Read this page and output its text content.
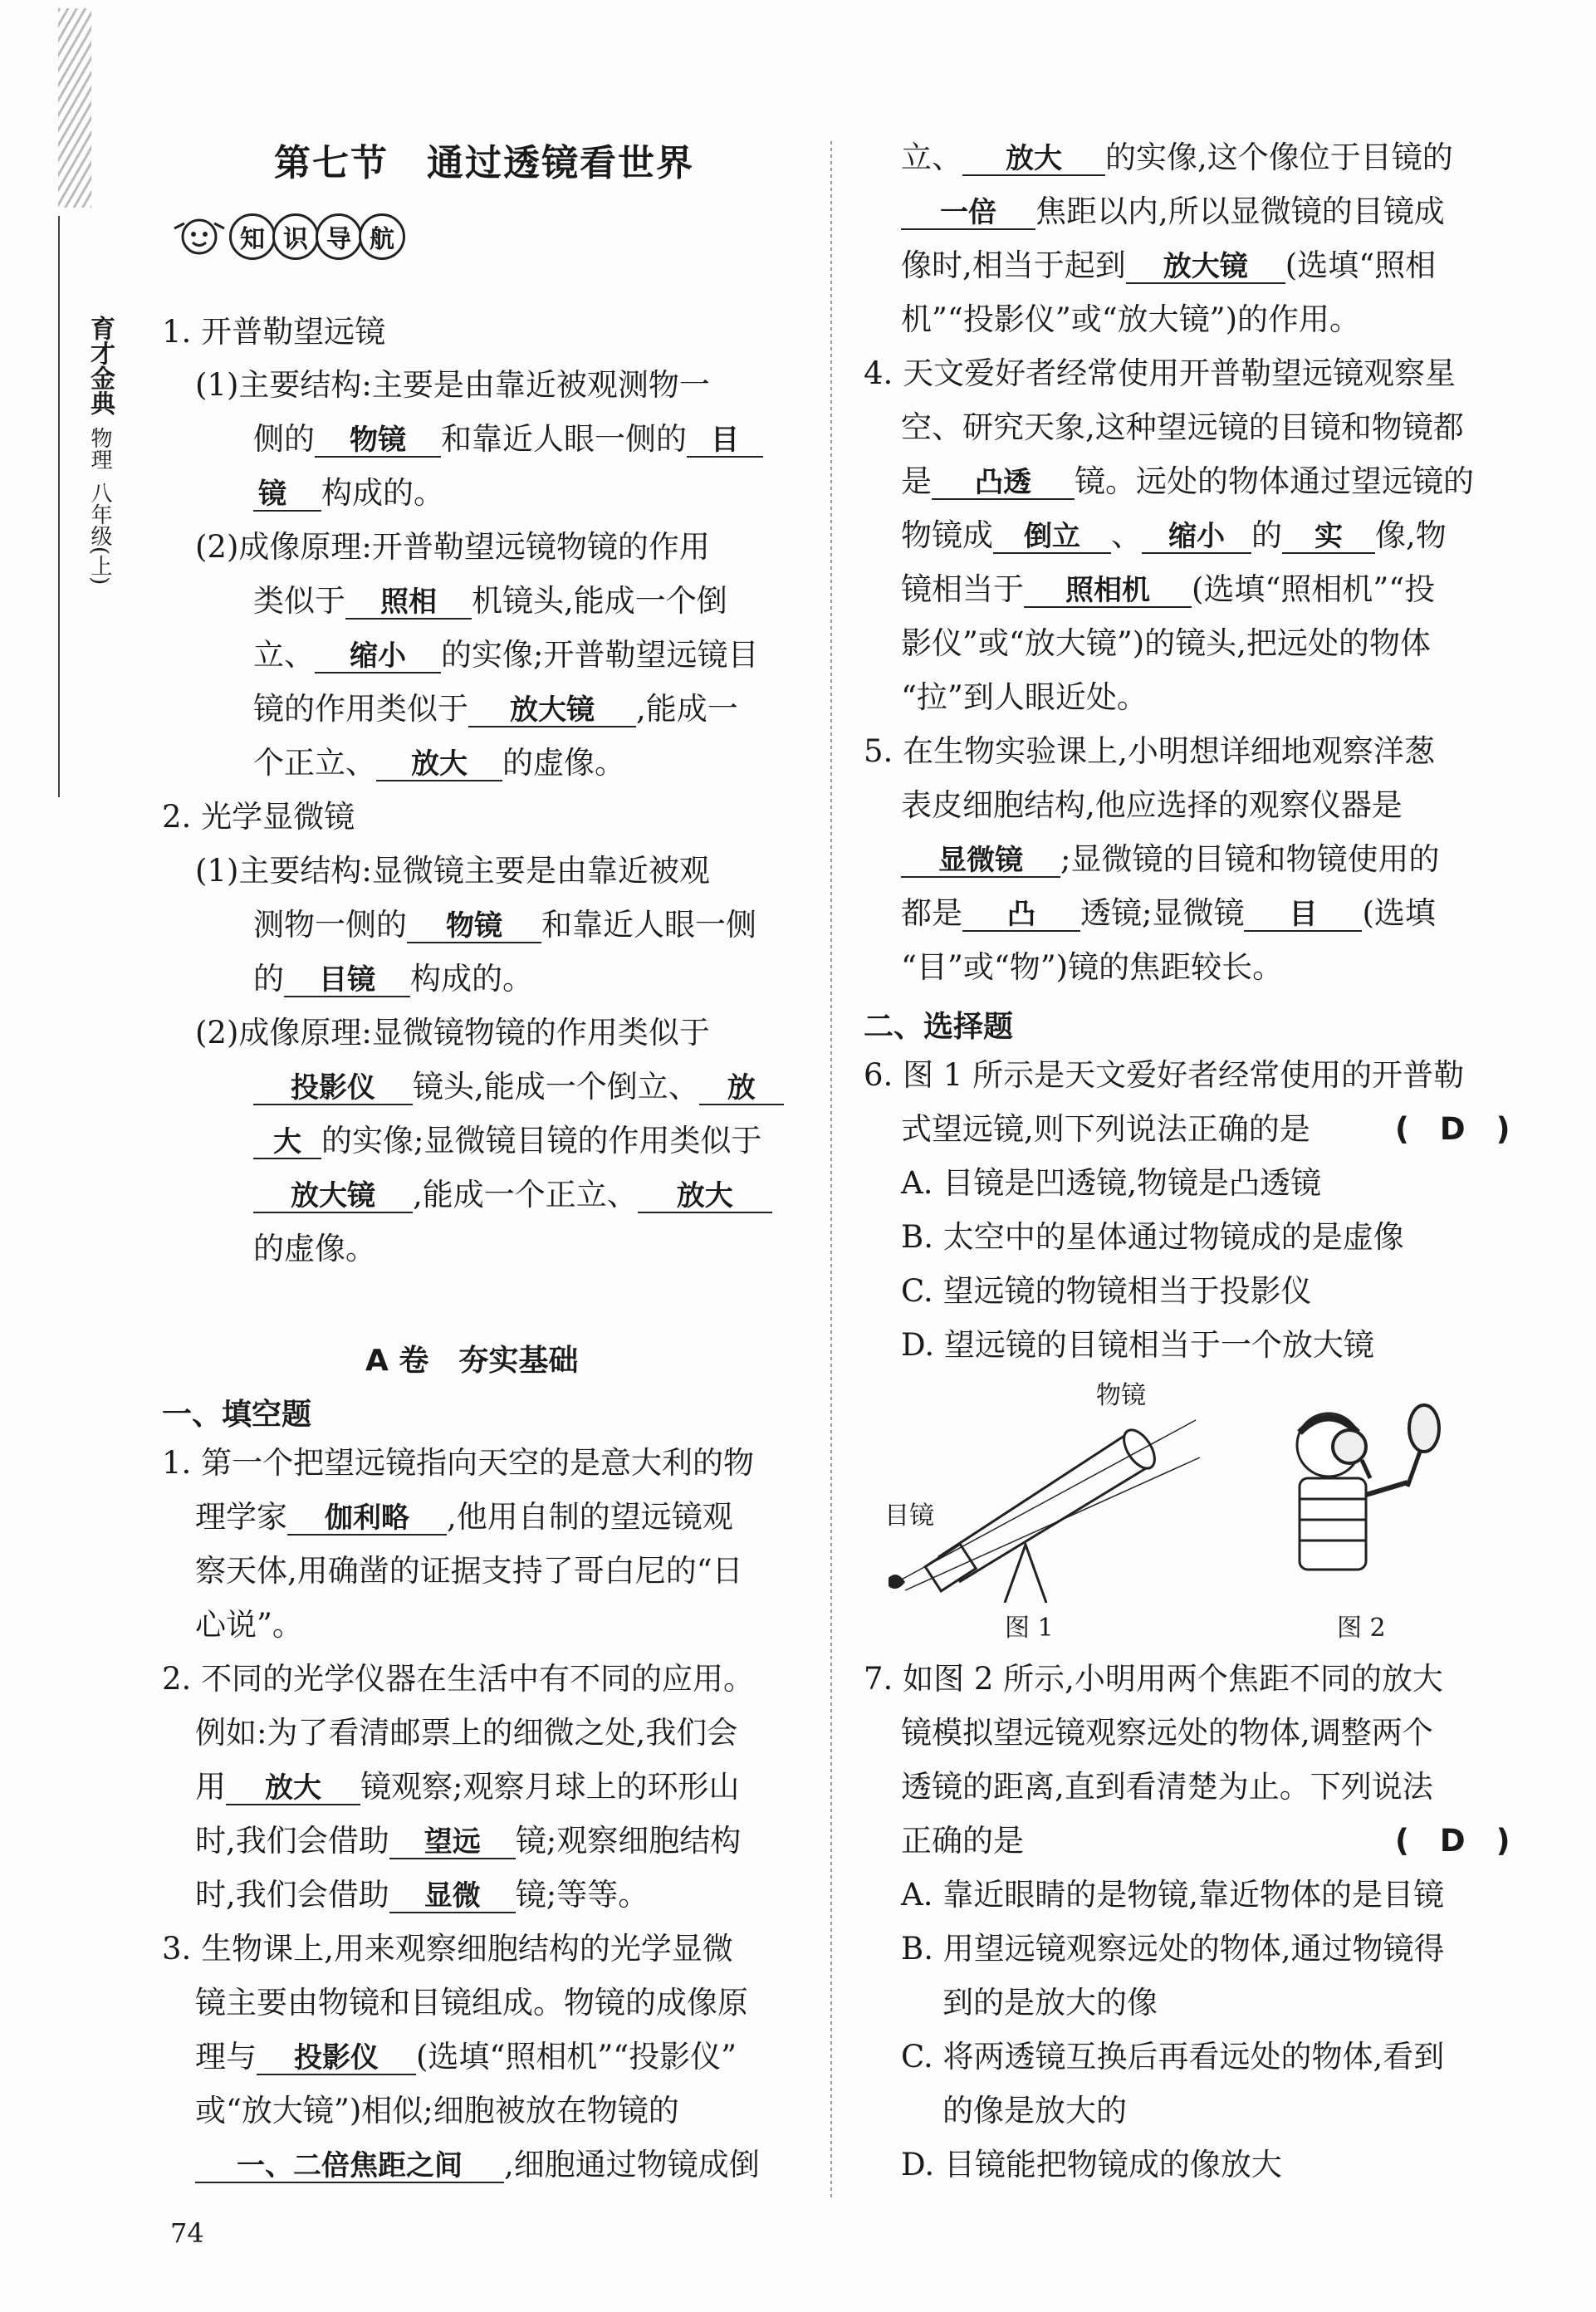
育才金典
物理
八年级(上)
第七节　通过透镜看世界
知 识 导 航
1. 开普勒望远镜
(1)主要结构:主要是由靠近被观测物一
侧的 物镜 和靠近人眼一侧的 目
镜 构成的。
(2)成像原理:开普勒望远镜物镜的作用
类似于 照相 机镜头,能成一个倒
立、 缩小 的实像;开普勒望远镜目
镜的作用类似于 放大镜 ,能成一
个正立、 放大 的虚像。
2. 光学显微镜
(1)主要结构:显微镜主要是由靠近被观
测物一侧的 物镜 和靠近人眼一侧
的 目镜 构成的。
(2)成像原理:显微镜物镜的作用类似于
投影仪 镜头,能成一个倒立、 放
大 的实像;显微镜目镜的作用类似于
放大镜 ,能成一个正立、 放大
的虚像。
A 卷　夯实基础
一、填空题
1. 第一个把望远镜指向天空的是意大利的物
理学家 伽利略 ,他用自制的望远镜观
察天体,用确凿的证据支持了哥白尼的“日
心说”。
2. 不同的光学仪器在生活中有不同的应用。
例如:为了看清邮票上的细微之处,我们会
用 放大 镜观察;观察月球上的环形山
时,我们会借助 望远 镜;观察细胞结构
时,我们会借助 显微 镜;等等。
3. 生物课上,用来观察细胞结构的光学显微
镜主要由物镜和目镜组成。物镜的成像原
理与 投影仪 (选填“照相机”“投影仪”
或“放大镜”)相似;细胞被放在物镜的
一、二倍焦距之间 ,细胞通过物镜成倒
74
立、 放大 的实像,这个像位于目镜的
一倍 焦距以内,所以显微镜的目镜成
像时,相当于起到 放大镜 (选填“照相
机”“投影仪”或“放大镜”)的作用。
4. 天文爱好者经常使用开普勒望远镜观察星
空、研究天象,这种望远镜的目镜和物镜都
是 凸透 镜。远处的物体通过望远镜的
物镜成 倒立 、 缩小 的 实 像,物
镜相当于 照相机 (选填“照相机”“投
影仪”或“放大镜”)的镜头,把远处的物体
“拉”到人眼近处。
5. 在生物实验课上,小明想详细地观察洋葱
表皮细胞结构,他应选择的观察仪器是
显微镜 ;显微镜的目镜和物镜使用的
都是 凸 透镜;显微镜 目 (选填
“目”或“物”)镜的焦距较长。
二、选择题
6. 图 1 所示是天文爱好者经常使用的开普勒
式望远镜,则下列说法正确的是	(　D　)
A. 目镜是凹透镜,物镜是凸透镜
B. 太空中的星体通过物镜成的是虚像
C. 望远镜的物镜相当于投影仪
D. 望远镜的目镜相当于一个放大镜
物镜
目镜
图 1	图 2
7. 如图 2 所示,小明用两个焦距不同的放大
镜模拟望远镜观察远处的物体,调整两个
透镜的距离,直到看清楚为止。下列说法
正确的是	(　D　)
A. 靠近眼睛的是物镜,靠近物体的是目镜
B. 用望远镜观察远处的物体,通过物镜得
到的是放大的像
C. 将两透镜互换后再看远处的物体,看到
的像是放大的
D. 目镜能把物镜成的像放大
